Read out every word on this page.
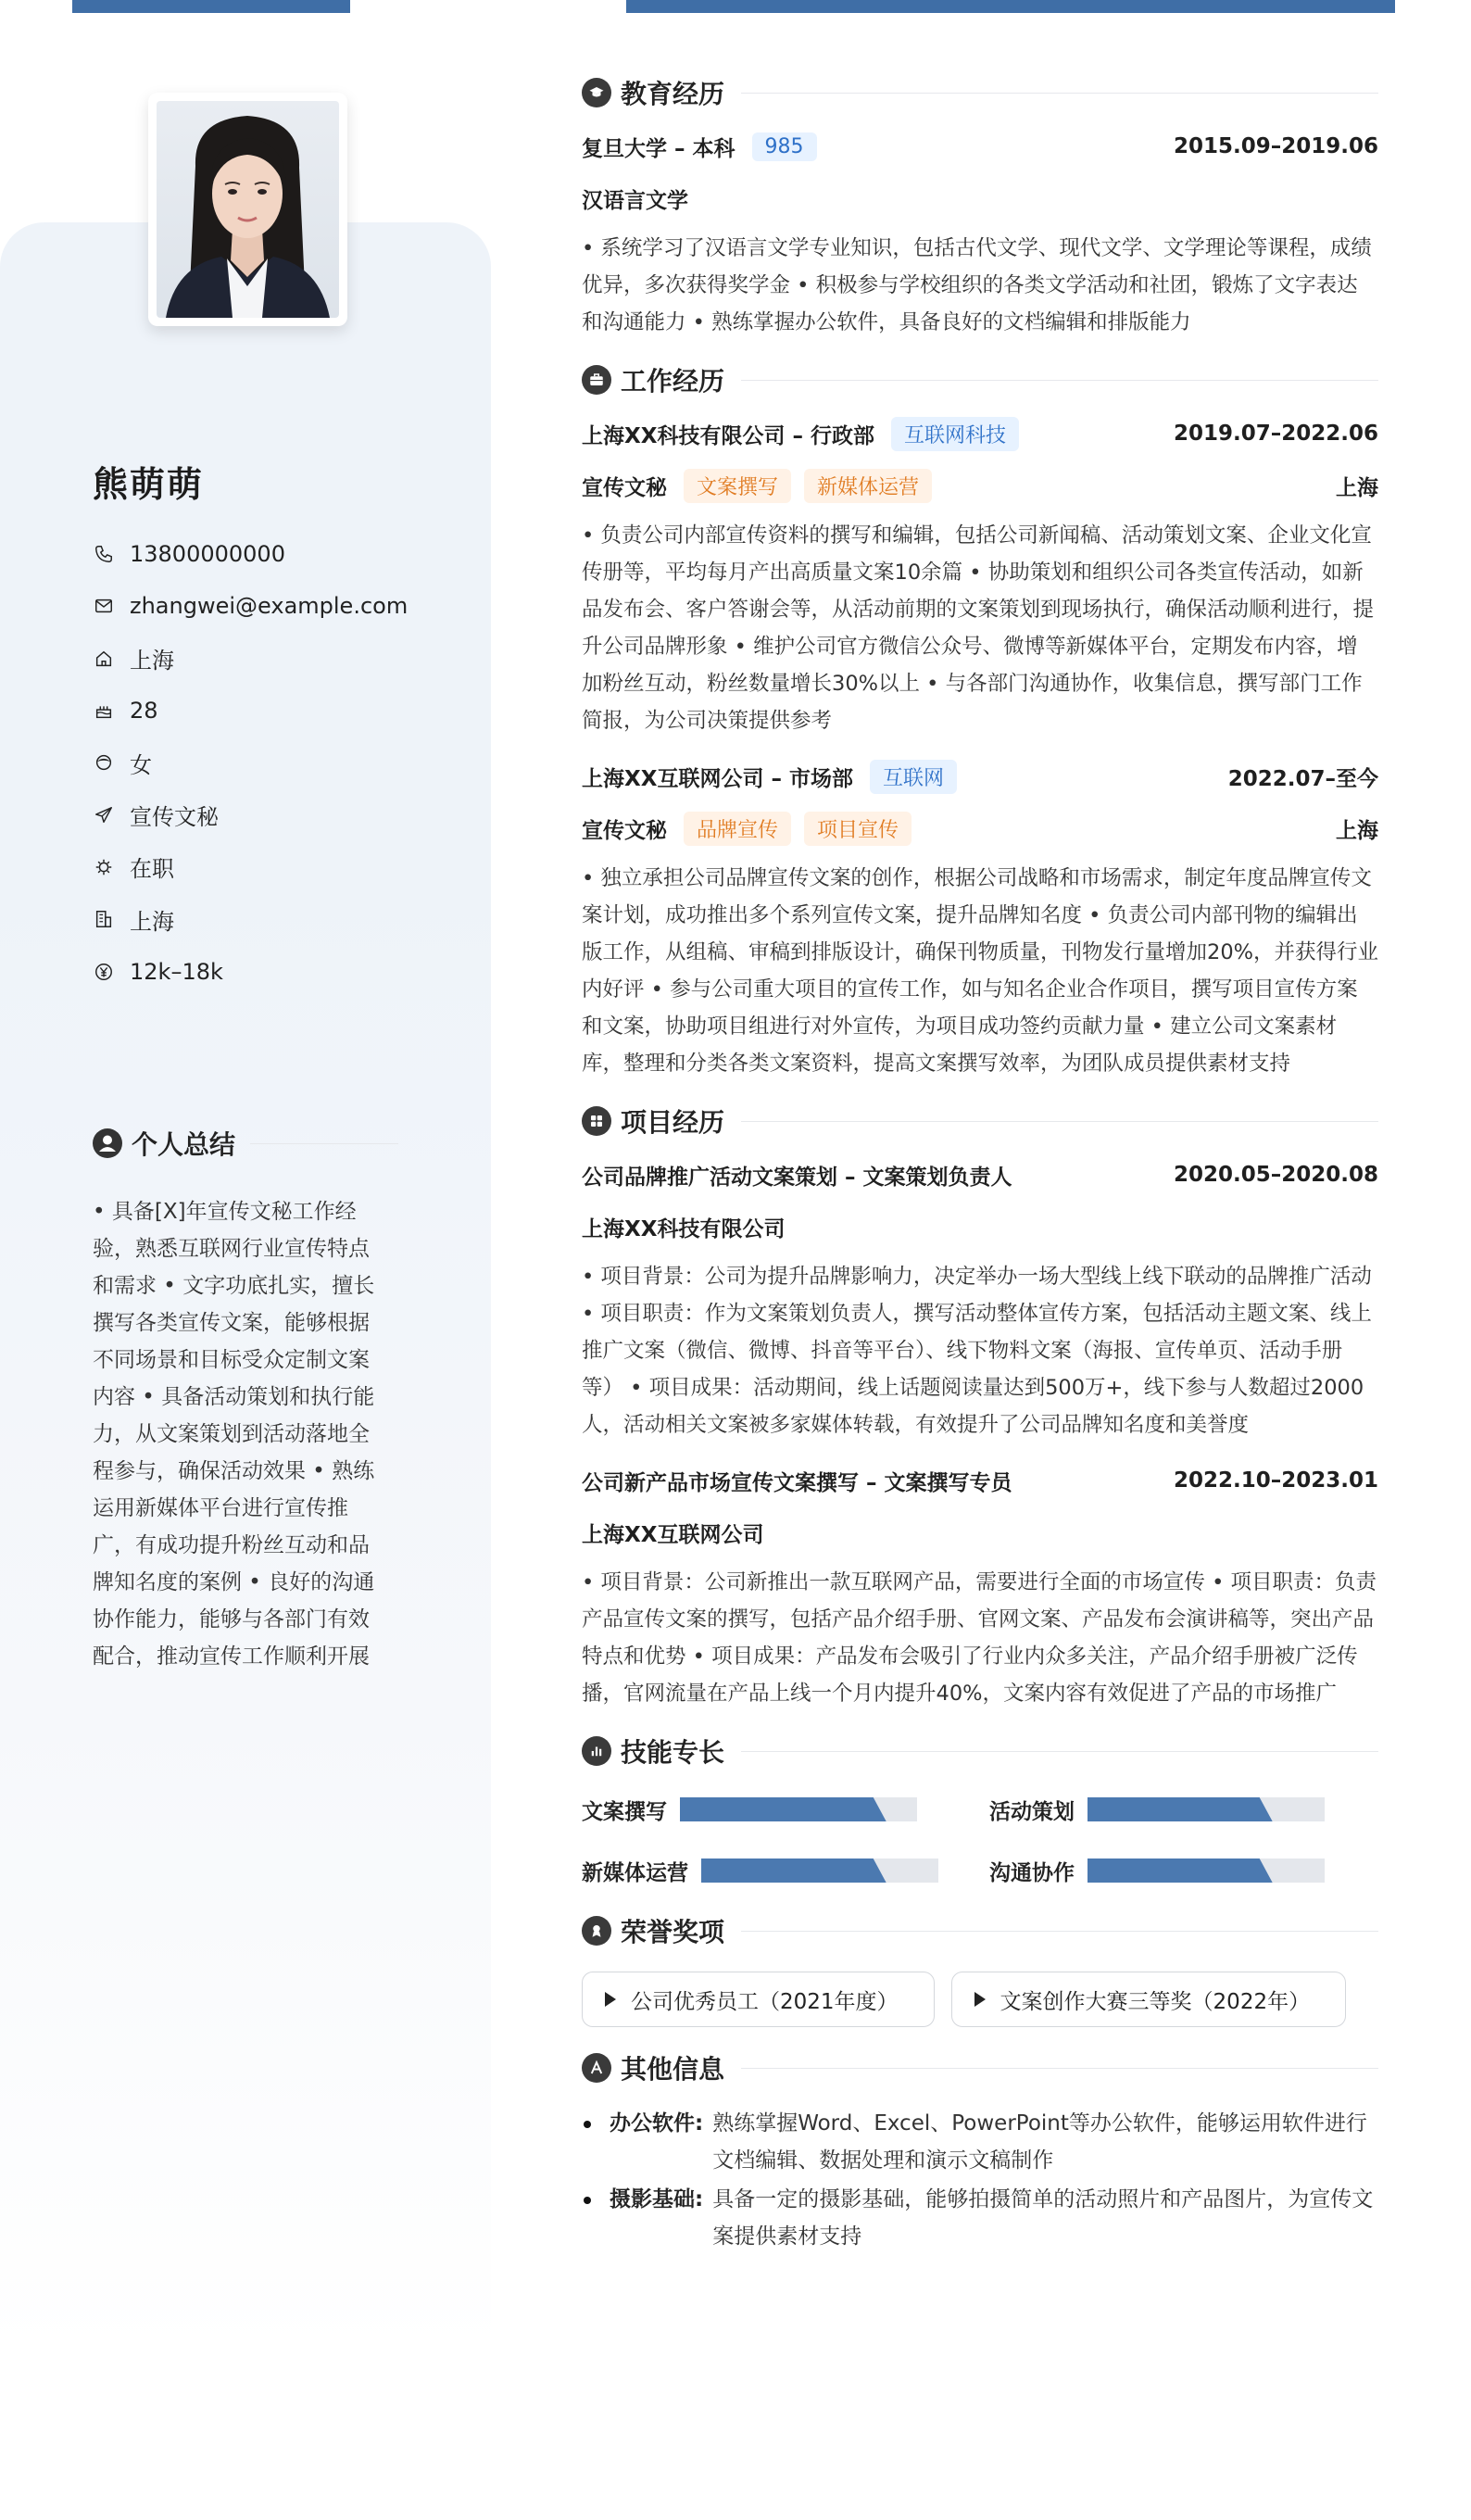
熊萌萌
13800000000
zhangwei@example.com
上海
28
女
宣传文秘
在职
上海
12k–18k
个人总结
• 具备[X]年宣传文秘工作经验，熟悉互联网行业宣传特点和需求 • 文字功底扎实，擅长撰写各类宣传文案，能够根据不同场景和目标受众定制文案内容 • 具备活动策划和执行能力，从文案策划到活动落地全程参与，确保活动效果 • 熟练运用新媒体平台进行宣传推广，有成功提升粉丝互动和品牌知名度的案例 • 良好的沟通协作能力，能够与各部门有效配合，推动宣传工作顺利开展
教育经历
复旦大学 – 本科	985	2015.09–2019.06
汉语言文学
• 系统学习了汉语言文学专业知识，包括古代文学、现代文学、文学理论等课程，成绩优异，多次获得奖学金 • 积极参与学校组织的各类文学活动和社团，锻炼了文字表达和沟通能力 • 熟练掌握办公软件，具备良好的文档编辑和排版能力
工作经历
上海XX科技有限公司 – 行政部	互联网科技	2019.07–2022.06
宣传文秘	文案撰写	新媒体运营	上海
• 负责公司内部宣传资料的撰写和编辑，包括公司新闻稿、活动策划文案、企业文化宣传册等，平均每月产出高质量文案10余篇 • 协助策划和组织公司各类宣传活动，如新品发布会、客户答谢会等，从活动前期的文案策划到现场执行，确保活动顺利进行，提升公司品牌形象 • 维护公司官方微信公众号、微博等新媒体平台，定期发布内容，增加粉丝互动，粉丝数量增长30%以上 • 与各部门沟通协作，收集信息，撰写部门工作简报，为公司决策提供参考
上海XX互联网公司 – 市场部	互联网	2022.07–至今
宣传文秘	品牌宣传	项目宣传	上海
• 独立承担公司品牌宣传文案的创作，根据公司战略和市场需求，制定年度品牌宣传文案计划，成功推出多个系列宣传文案，提升品牌知名度 • 负责公司内部刊物的编辑出版工作，从组稿、审稿到排版设计，确保刊物质量，刊物发行量增加20%，并获得行业内好评 • 参与公司重大项目的宣传工作，如与知名企业合作项目，撰写项目宣传方案和文案，协助项目组进行对外宣传，为项目成功签约贡献力量 • 建立公司文案素材库，整理和分类各类文案资料，提高文案撰写效率，为团队成员提供素材支持
项目经历
公司品牌推广活动文案策划 – 文案策划负责人	2020.05–2020.08
上海XX科技有限公司
• 项目背景：公司为提升品牌影响力，决定举办一场大型线上线下联动的品牌推广活动 • 项目职责：作为文案策划负责人，撰写活动整体宣传方案，包括活动主题文案、线上推广文案（微信、微博、抖音等平台）、线下物料文案（海报、宣传单页、活动手册等） • 项目成果：活动期间，线上话题阅读量达到500万+，线下参与人数超过2000人，活动相关文案被多家媒体转载，有效提升了公司品牌知名度和美誉度
公司新产品市场宣传文案撰写 – 文案撰写专员	2022.10–2023.01
上海XX互联网公司
• 项目背景：公司新推出一款互联网产品，需要进行全面的市场宣传 • 项目职责：负责产品宣传文案的撰写，包括产品介绍手册、官网文案、产品发布会演讲稿等，突出产品特点和优势 • 项目成果：产品发布会吸引了行业内众多关注，产品介绍手册被广泛传播，官网流量在产品上线一个月内提升40%，文案内容有效促进了产品的市场推广
技能专长
文案撰写	活动策划
新媒体运营	沟通协作
荣誉奖项
公司优秀员工（2021年度）	文案创作大赛三等奖（2022年）
其他信息
办公软件: 熟练掌握Word、Excel、PowerPoint等办公软件，能够运用软件进行文档编辑、数据处理和演示文稿制作
摄影基础: 具备一定的摄影基础，能够拍摄简单的活动照片和产品图片，为宣传文案提供素材支持
